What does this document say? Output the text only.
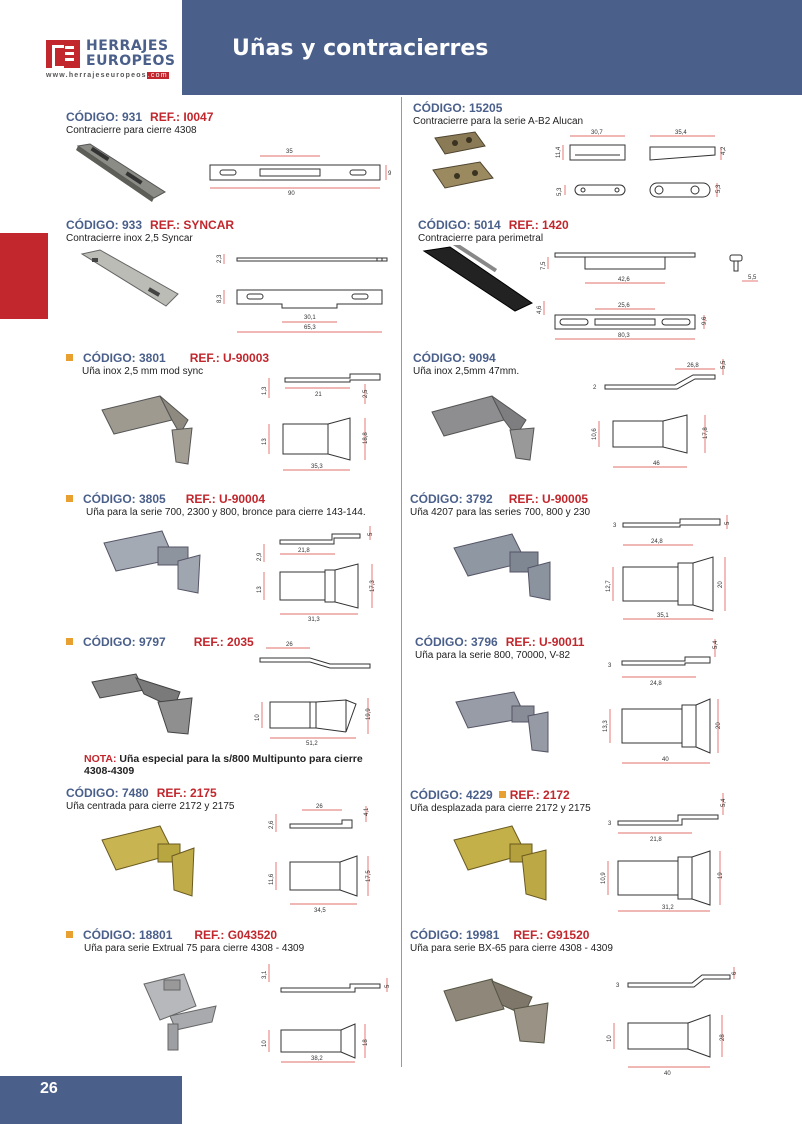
Uñas y contracierres
HERRAJES
EUROPEOS
www.herrajeseuropeos.com
CÓDIGO: 931 REF.: I0047
Contracierre para cierre 4308
35
9
90
CÓDIGO: 15205
Contracierre para la serie A-B2 Alucan
30,7	35,4
11,4	4,2
5,3	5,3
CÓDIGO: 933 REF.: SYNCAR
Contracierre inox 2,5 Syncar
2,3
8,3
30,1
65,3
CÓDIGO: 5014 REF.: 1420
Contracierre para perimetral
7,5
42,6	5,5
4,6	25,6
9,6
80,3
CÓDIGO: 3801 REF.: U-90003
Uña inox 2,5 mm mod sync
1,3	21	2,5
13	18,8
35,3
CÓDIGO: 9094
Uña inox 2,5mm 47mm.	26,8	5,5
2
10,6	17,8
46
CÓDIGO: 3805 REF.: U-90004
Uña para la serie 700, 2300 y 800, bronce para cierre 143-144.
5
2,9
21,8
13	17,3
31,3
CÓDIGO: 3792 REF.: U-90005
Uña 4207 para las series 700, 800 y 230
3	5
24,8
12,7	20
35,1
CÓDIGO: 9797 REF.: 2035	26
10	19,9
51,2
NOTA: Uña especial para la s/800 Multipunto para cierre 4308-4309
CÓDIGO: 3796 REF.: U-90011
Uña para la serie 800, 70000, V-82
5,4
3
24,8
13,3	20
40
CÓDIGO: 7480 REF.: 2175
Uña centrada para cierre 2172 y 2175	26
2,6
4,1
11,6	17,5
34,5
CÓDIGO: 4229 REF.: 2172
Uña desplazada para cierre 2172 y 2175
5,4
3
21,8
10,9	19
31,2
CÓDIGO: 18801 REF.: G043520
Uña para serie Extrual 75 para cierre 4308 - 4309
3,1
5
10	18
38,2
CÓDIGO: 19981 REF.: G91520
Uña para serie BX-65 para cierre 4308 - 4309
3
6
10	28
40
26
